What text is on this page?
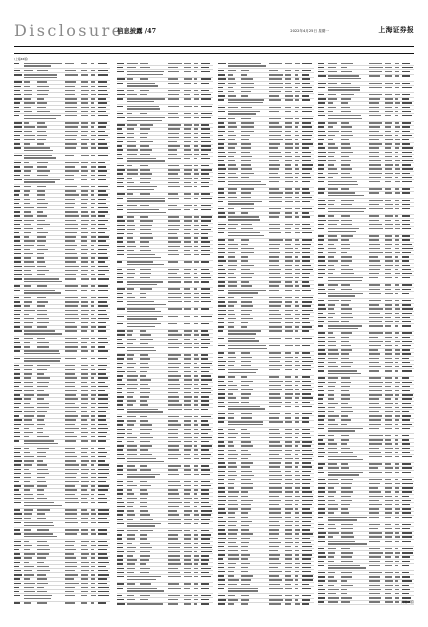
Disclosure
信息披露 /47	2022年4月25日 星期一	上海证券报
(上接46版)
(下转48版)
